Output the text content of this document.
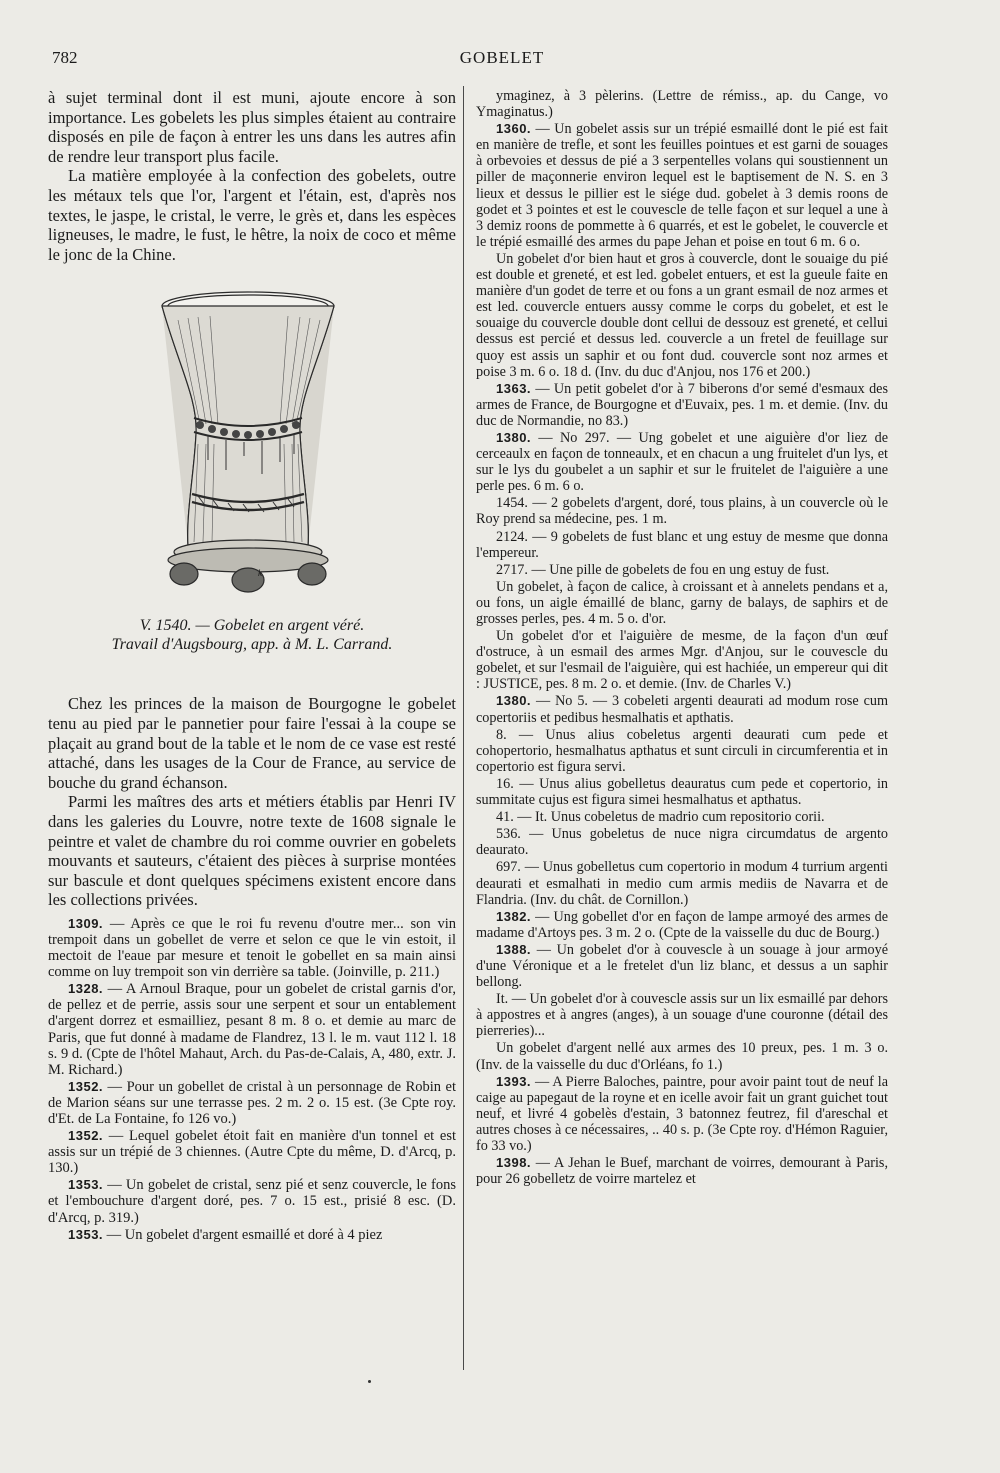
782	GOBELET

à sujet terminal dont il est muni, ajoute encore à son importance. Les gobelets les plus simples étaient au contraire disposés en pile de façon à entrer les uns dans les autres afin de rendre leur transport plus facile.

La matière employée à la confection des gobelets, outre les métaux tels que l'or, l'argent et l'étain, est, d'après nos textes, le jaspe, le cristal, le verre, le grès et, dans les espèces ligneuses, le madre, le fust, le hêtre, la noix de coco et même le jonc de la Chine.

k

V. 1540. — Gobelet en argent véré.

Travail d'Augsbourg, app. à M. L. Carrand.

Chez les princes de la maison de Bourgogne le gobelet tenu au pied par le pannetier pour faire l'essai à la coupe se plaçait au grand bout de la table et le nom de ce vase est resté attaché, dans les usages de la Cour de France, au service de bouche du grand échanson.

Parmi les maîtres des arts et métiers établis par Henri IV dans les galeries du Louvre, notre texte de 1608 signale le peintre et valet de chambre du roi comme ouvrier en gobelets mouvants et sauteurs, c'étaient des pièces à surprise montées sur bascule et dont quelques spécimens existent encore dans les collections privées.

1309. — Après ce que le roi fu revenu d'outre mer... son vin trempoit dans un gobellet de verre et selon ce que le vin estoit, il mectoit de l'eaue par mesure et tenoit le gobellet en sa main ainsi comme on luy trempoit son vin derrière sa table. (Joinville, p. 211.)

1328. — A Arnoul Braque, pour un gobelet de cristal garnis d'or, de pellez et de perrie, assis sour une serpent et sour un entablement d'argent dorrez et esmailliez, pesant 8 m. 8 o. et demie au marc de Paris, que fut donné à madame de Flandrez, 13 l. le m. vaut 112 l. 18 s. 9 d. (Cpte de l'hôtel Mahaut, Arch. du Pas-de-Calais, A, 480, extr. J. M. Richard.)

1352. — Pour un gobellet de cristal à un personnage de Robin et de Marion séans sur une terrasse pes. 2 m. 2 o. 15 est. (3e Cpte roy. d'Et. de La Fontaine, fo 126 vo.)

1352. — Lequel gobelet étoit fait en manière d'un tonnel et est assis sur un trépié de 3 chiennes. (Autre Cpte du même, D. d'Arcq, p. 130.)

1353. — Un gobelet de cristal, senz pié et senz couvercle, le fons et l'embouchure d'argent doré, pes. 7 o. 15 est., prisié 8 esc. (D. d'Arcq, p. 319.)

1353. — Un gobelet d'argent esmaillé et doré à 4 piez

ymaginez, à 3 pèlerins. (Lettre de rémiss., ap. du Cange, vo Ymaginatus.)

1360. — Un gobelet assis sur un trépié esmaillé dont le pié est fait en manière de trefle, et sont les feuilles pointues et est garni de souages à orbevoies et dessus de pié a 3 serpentelles volans qui soustiennent un piller de maçonnerie environ lequel est le baptisement de N. S. en 3 lieux et dessus le pillier est le siége dud. gobelet à 3 demis roons de godet et 3 pointes et est le couvescle de telle façon et sur lequel a une à 3 demiz roons de pommette à 6 quarrés, et est le gobelet, le couvercle et le trépié esmaillé des armes du pape Jehan et poise en tout 6 m. 6 o.

Un gobelet d'or bien haut et gros à couvercle, dont le souaige du pié est double et greneté, et est led. gobelet entuers, et est la gueule faite en manière d'un godet de terre et ou fons a un grant esmail de noz armes et est led. couvercle entuers aussy comme le corps du gobelet, et est le souaige du couvercle double dont cellui de dessouz est greneté, et cellui dessus est percié et dessus led. couvercle a un fretel de feuillage sur quoy est assis un saphir et ou font dud. couvercle sont noz armes et poise 3 m. 6 o. 18 d. (Inv. du duc d'Anjou, nos 176 et 200.)

1363. — Un petit gobelet d'or à 7 biberons d'or semé d'esmaux des armes de France, de Bourgogne et d'Euvaix, pes. 1 m. et demie. (Inv. du duc de Normandie, no 83.)

1380. — No 297. — Ung gobelet et une aiguière d'or liez de cerceaulx en façon de tonneaulx, et en chacun a ung fruitelet d'un lys, et sur le lys du goubelet a un saphir et sur le fruitelet de l'aiguière a une perle pes. 6 m. 6 o.

1454. — 2 gobelets d'argent, doré, tous plains, à un couvercle où le Roy prend sa médecine, pes. 1 m.

2124. — 9 gobelets de fust blanc et ung estuy de mesme que donna l'empereur.

2717. — Une pille de gobelets de fou en ung estuy de fust.

Un gobelet, à façon de calice, à croissant et à annelets pendans et a, ou fons, un aigle émaillé de blanc, garny de balays, de saphirs et de grosses perles, pes. 4 m. 5 o. d'or.

Un gobelet d'or et l'aiguière de mesme, de la façon d'un œuf d'ostruce, à un esmail des armes Mgr. d'Anjou, sur le couvescle du gobelet, et sur l'esmail de l'aiguière, qui est hachiée, un empereur qui dit : JUSTICE, pes. 8 m. 2 o. et demie. (Inv. de Charles V.)

1380. — No 5. — 3 cobeleti argenti deaurati ad modum rose cum copertoriis et pedibus hesmalhatis et apthatis.

8. — Unus alius cobeletus argenti deaurati cum pede et cohopertorio, hesmalhatus apthatus et sunt circuli in circumferentia et in copertorio est figura servi.

16. — Unus alius gobelletus deauratus cum pede et copertorio, in summitate cujus est figura simei hesmalhatus et apthatus.

41. — It. Unus cobeletus de madrio cum repositorio corii.

536. — Unus gobeletus de nuce nigra circumdatus de argento deaurato.

697. — Unus gobelletus cum copertorio in modum 4 turrium argenti deaurati et esmalhati in medio cum armis mediis de Navarra et de Flandria. (Inv. du chât. de Cornillon.)

1382. — Ung gobellet d'or en façon de lampe armoyé des armes de madame d'Artoys pes. 3 m. 2 o. (Cpte de la vaisselle du duc de Bourg.)

1388. — Un gobelet d'or à couvescle à un souage à jour armoyé d'une Véronique et a le fretelet d'un liz blanc, et dessus a un saphir bellong.

It. — Un gobelet d'or à couvescle assis sur un lix esmaillé par dehors à appostres et à angres (anges), à un souage d'une couronne (détail des pierreries)...

Un gobelet d'argent nellé aux armes des 10 preux, pes. 1 m. 3 o. (Inv. de la vaisselle du duc d'Orléans, fo 1.)

1393. — A Pierre Baloches, paintre, pour avoir paint tout de neuf la caige au papegaut de la royne et en icelle avoir fait un grant guichet tout neuf, et livré 4 gobelès d'estain, 3 batonnez feutrez, fil d'areschal et autres choses à ce nécessaires, .. 40 s. p. (3e Cpte roy. d'Hémon Raguier, fo 33 vo.)

1398. — A Jehan le Buef, marchant de voirres, demourant à Paris, pour 26 gobelletz de voirre martelez et
